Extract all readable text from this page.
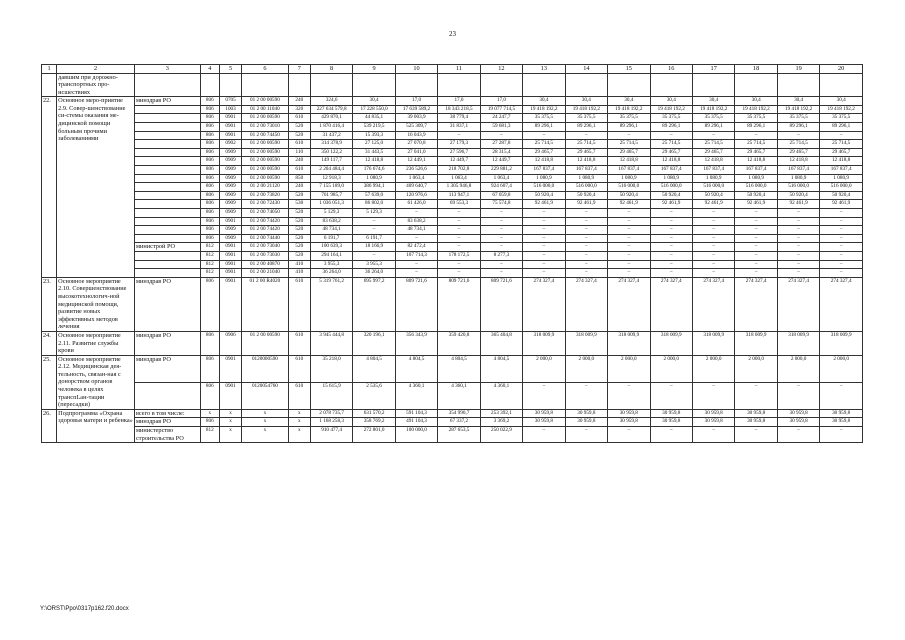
23
1	2	3	4	5	6	7	8	9	10	11	12	13	14	15	16	17	18	19	20
	давшим при дорожно-транспортных про-исшествиях																		
22.	Основное меро-приятие 2.9. Совер-шенствование си-стемы оказания ме-дицинской помощи больным прочими заболеваниями	минздрав РО	806	0705	01 2 00 00590	240	324,6	30,4	17,0	17,0	17,0	30,4	30,4	30,4	30,4	30,4	30,4	30,4	30,4
			806	1003	01 2 00 11040	320	227 634 579,8	17 228 550,0	17 639 589,2	18 343 218,5	19 077 714,5	19 418 192,2	19 418 192,2	19 418 192,2	19 418 192,2	19 418 192,2	19 418 192,2	19 418 192,2	19 418 192,2
			806	0901	01 2 00 00590	610	429 870,1	44 835,1	39 003,9	38 779,4	24 247,7	35 375,5	35 375,5	35 375,5	35 375,5	35 375,5	35 375,5	35 375,5	35 375,5
			806	0901	01 2 00 73010	520	1 870 416,4	539 219,5	525 309,7	31 837,1	59 681,3	89 296,1	89 296,1	89 296,1	89 296,1	89 296,1	89 296,1	89 296,1	89 296,1
			806	0901	01 2 00 74450	520	31 437,2	15 393,3	16 043,9	–	–	–	–	–	–	–	–	–	–
			806	0902	01 2 00 00590	610	314 378,9	27 125,0	27 070,8	27 179,3	27 287,8	25 714,5	25 714,5	25 714,5	25 714,5	25 714,5	25 714,5	25 714,5	25 714,5
			806	0909	01 2 00 00590	110	350 122,2	31 443,5	27 041,0	27 596,7	28 315,4	29 465,7	29 465,7	29 465,7	29 465,7	29 465,7	29 465,7	29 465,7	29 465,7
			806	0909	01 2 00 00590	240	149 117,7	12 418,8	12 449,1	12 449,7	12 449,7	12 418,8	12 418,8	12 418,8	12 418,8	12 418,8	12 418,8	12 418,8	12 418,8
			806	0909	01 2 00 00590	610	2 204 484,4	176 674,6	236 526,6	218 702,8	229 881,2	167 837,4	167 837,4	167 837,4	167 837,4	167 837,4	167 837,4	167 837,4	167 837,4
			806	0909	01 2 00 00590	850	12 918,3	1 080,9	1 063,4	1 063,4	1 063,4	1 080,9	1 080,9	1 080,9	1 080,9	1 080,9	1 080,9	1 080,9	1 080,9
			806	0909	01 2 00 21120	240	7 155 189,0	386 994,1	409 640,7	1 305 946,8	924 607,4	516 000,0	516 000,0	516 000,0	516 000,0	516 000,0	516 000,0	516 000,0	516 000,0
			806	0909	01 2 00 73820	520	761 985,7	57 639,0	120 976,6	113 947,1	67 059,8	50 920,4	50 920,4	50 920,4	50 920,4	50 920,4	50 920,4	50 920,4	50 920,4
			806	0909	01 2 00 72430	530	1 036 051,3	86 802,0	61 426,0	69 553,3	75 574,8	92 461,9	92 461,9	92 461,9	92 461,9	92 461,9	92 461,9	92 461,9	92 461,9
			806	0909	01 2 00 74050	520	5 129,3	5 129,3	–	–	–	–	–	–	–	–	–	–	–
			806	0901	01 2 00 74420	520	83 638,2	–	83 638,2	–	–	–	–	–	–	–	–	–	–
			806	0909	01 2 00 74420	520	48 734,1	–	48 734,1	–	–	–	–	–	–	–	–	–	–
			806	0909	01 2 00 74440	520	6 191,7	6 191,7	–	–	–	–	–	–	–	–	–	–	–
		министрой РО	812	0901	01 2 00 73040	520	100 639,3	18 166,9	82 472,4	–	–	–	–	–	–	–	–	–	–
			812	0901	01 2 00 73030	520	294 164,1	–	107 714,3	178 172,5	8 277,3	–	–	–	–	–	–	–	–
			812	0901	01 2 00 40870	410	3 955,3	3 955,3	–	–	–	–	–	–	–	–	–	–	–
			812	0901	01 2 00 21040	410	36 264,0	36 264,0	–	–	–	–	–	–	–	–	–	–	–
23.	Основное мероприятие 2.10. Совершенствование высокотехнологич-ной медицинской помощи, развитие новых эффективных методов лечения	минздрав РО	806	0901	01 2 00 R4020	610	5 319 761,2	695 997,2	809 721,6	809 721,6	809 721,6	274 327,4	274 327,4	274 327,4	274 327,4	274 327,4	274 327,4	274 327,4	274 327,4
24.	Основное мероприятие 2.11. Развитие службы крови	минздрав РО	806	0906	01 2 00 00590	610	3 945 444,8	320 196,1	356 343,9	359 420,8	365 404,8	318 009,9	318 009,9	318 009,9	318 009,9	318 009,9	318 009,9	318 009,9	318 009,9
25.	Основное мероприятие 2.12. Медицинская дея-тельность, связан-ная с донорством органов человека в целях транспLан-тации (пересадки)	минздрав РО	806	0901	0120000590	610	35 218,0	4 804,5	4 804,5	4 804,5	4 804,5	2 000,0	2 000,0	2 000,0	2 000,0	2 000,0	2 000,0	2 000,0	2 000,0
			806	0901	0120054760	610	15 615,9	2 535,6	4 360,1	4 360,1	4 360,1	–	–	–	–	–	–	–	–
26.	Подпрограмма «Охрана здоровья матери и ребенка»	всего в том числе:	x	x	x	x	2 078 735,7	631 570,2	591 104,3	354 990,7	253 392,1	30 959,8	30 959,8	30 959,8	30 959,8	30 959,8	30 959,8	30 959,8	30 959,8
		минздрав РО	806	x	x	x	1 168 258,3	358 769,2	491 104,3	67 337,2	3 369,2	30 959,8	30 959,8	30 959,8	30 959,8	30 959,8	30 959,8	30 959,8	30 959,8
		министерство строительства РО	812	x	x	x	910 477,4	272 801,0	100 000,0	287 653,5	250 022,9	–	–	–	–	–	–	–	–
Y:\ORST\Ppo\0317p162.f20.docx
